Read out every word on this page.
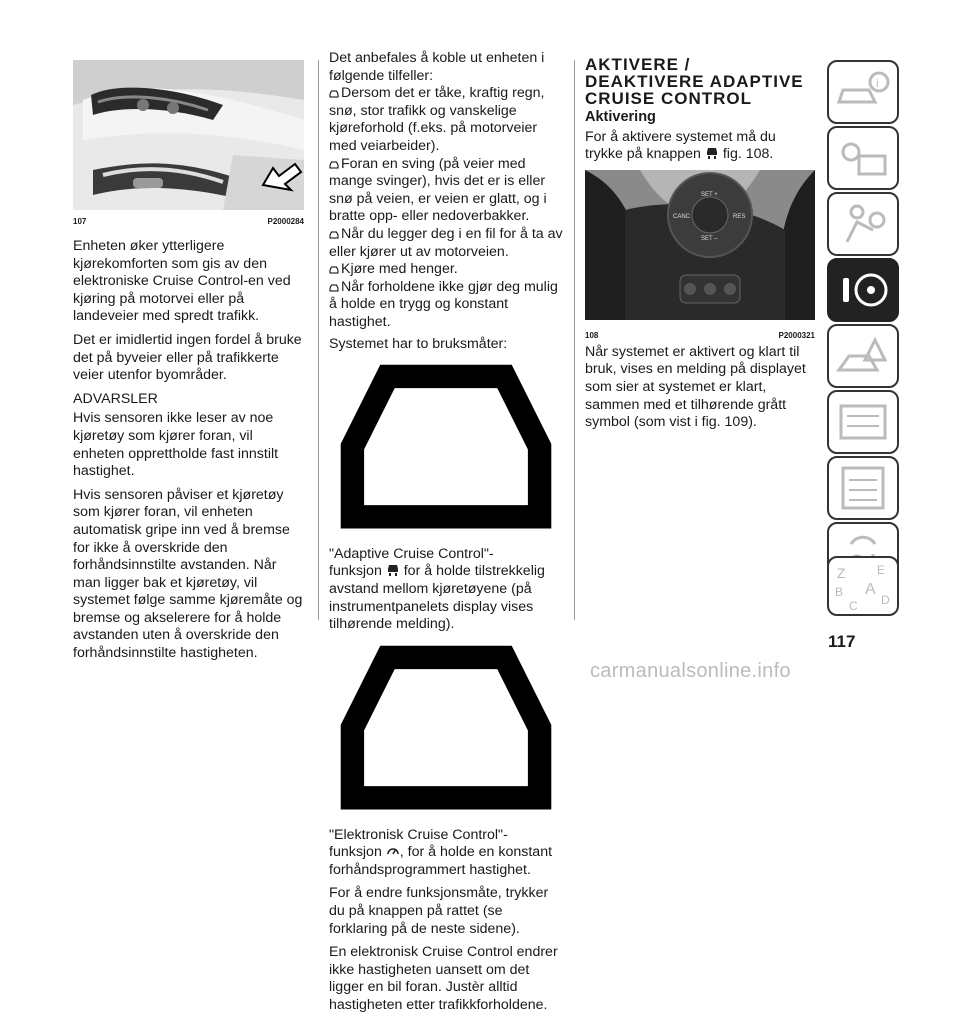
107	P2000284

Enheten øker ytterligere kjørekomforten som gis av den elektroniske Cruise Control-en ved kjøring på motorvei eller på landeveier med spredt trafikk.

Det er imidlertid ingen fordel å bruke det på byveier eller på trafikkerte veier utenfor byområder.

ADVARSLER

Hvis sensoren ikke leser av noe kjøretøy som kjører foran, vil enheten opprettholde fast innstilt hastighet.

Hvis sensoren påviser et kjøretøy som kjører foran, vil enheten automatisk gripe inn ved å bremse for ikke å overskride den forhåndsinnstilte avstanden. Når man ligger bak et kjøretøy, vil systemet følge samme kjøremåte og bremse og akselerere for å holde avstanden uten å overskride den forhåndsinnstilte hastigheten.

Det anbefales å koble ut enheten i følgende tilfeller:

Dersom det er tåke, kraftig regn, snø, stor trafikk og vanskelige kjøreforhold (f.eks. på motorveier med veiarbeider).
Foran en sving (på veier med mange svinger), hvis det er is eller snø på veien, er veien er glatt, og i bratte opp- eller nedoverbakker.
Når du legger deg i en fil for å ta av eller kjører ut av motorveien.
Kjøre med henger.
Når forholdene ikke gjør deg mulig å holde en trygg og konstant hastighet.

Systemet har to bruksmåter:

"Adaptive Cruise Control"-
funksjon  for å holde tilstrekkelig avstand mellom kjøretøyene (på instrumentpanelets display vises tilhørende melding).
"Elektronisk Cruise Control"-
funksjon , for å holde en konstant forhåndsprogrammert hastighet.

For å endre funksjonsmåte, trykker du på knappen på rattet (se forklaring på de neste sidene).

En elektronisk Cruise Control endrer ikke hastigheten uansett om det ligger en bil foran. Justèr alltid hastigheten etter trafikkforholdene.

AKTIVERE / DEAKTIVERE ADAPTIVE CRUISE CONTROL
Aktivering

For å aktivere systemet må du trykke på knappen  fig. 108.

SET +
CANC	RES
SET –
108	P2000321

Når systemet er aktivert og klart til bruk, vises en melding på displayet som sier at systemet er klart, sammen med et tilhørende grått symbol (som vist i fig. 109).

i
Z	E
B A
C D
117
carmanualsonline.info
